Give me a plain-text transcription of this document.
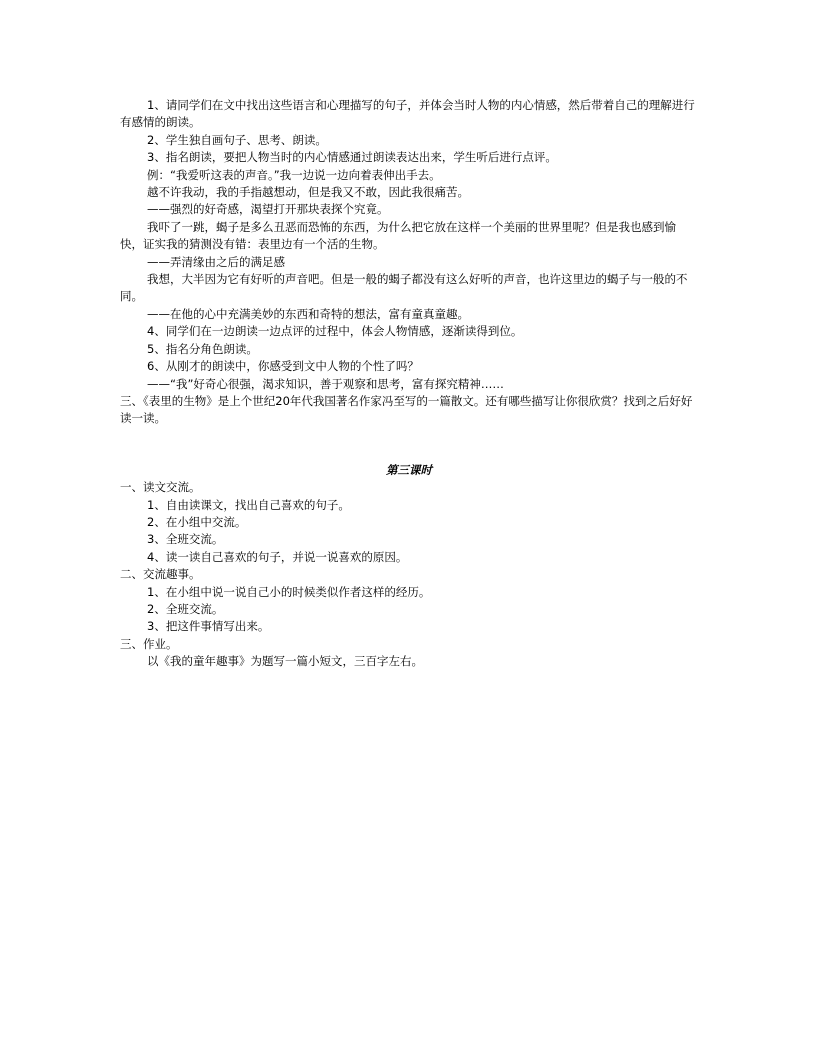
1、请同学们在文中找出这些语言和心理描写的句子，并体会当时人物的内心情感，然后带着自己的理解进行有感情的朗读。
2、学生独自画句子、思考、朗读。
3、指名朗读，要把人物当时的内心情感通过朗读表达出来，学生听后进行点评。
例：“我爱听这表的声音。”我一边说一边向着表伸出手去。
越不许我动，我的手指越想动，但是我又不敢，因此我很痛苦。
——强烈的好奇感，渴望打开那块表探个究竟。
我吓了一跳，蝎子是多么丑恶而恐怖的东西，为什么把它放在这样一个美丽的世界里呢？但是我也感到愉快，证实我的猜测没有错：表里边有一个活的生物。
——弄清缘由之后的满足感
我想，大半因为它有好听的声音吧。但是一般的蝎子都没有这么好听的声音，也许这里边的蝎子与一般的不同。
——在他的心中充满美妙的东西和奇特的想法，富有童真童趣。
4、同学们在一边朗读一边点评的过程中，体会人物情感，逐渐读得到位。
5、指名分角色朗读。
6、从刚才的朗读中，你感受到文中人物的个性了吗？
——“我”好奇心很强，渴求知识，善于观察和思考，富有探究精神……
三、《表里的生物》是上个世纪20年代我国著名作家冯至写的一篇散文。还有哪些描写让你很欣赏？找到之后好好读一读。
第三课时
一、读文交流。
1、自由读课文，找出自己喜欢的句子。
2、在小组中交流。
3、全班交流。
4、读一读自己喜欢的句子，并说一说喜欢的原因。
二、交流趣事。
1、在小组中说一说自己小的时候类似作者这样的经历。
2、全班交流。
3、把这件事情写出来。
三、作业。
以《我的童年趣事》为题写一篇小短文，三百字左右。
